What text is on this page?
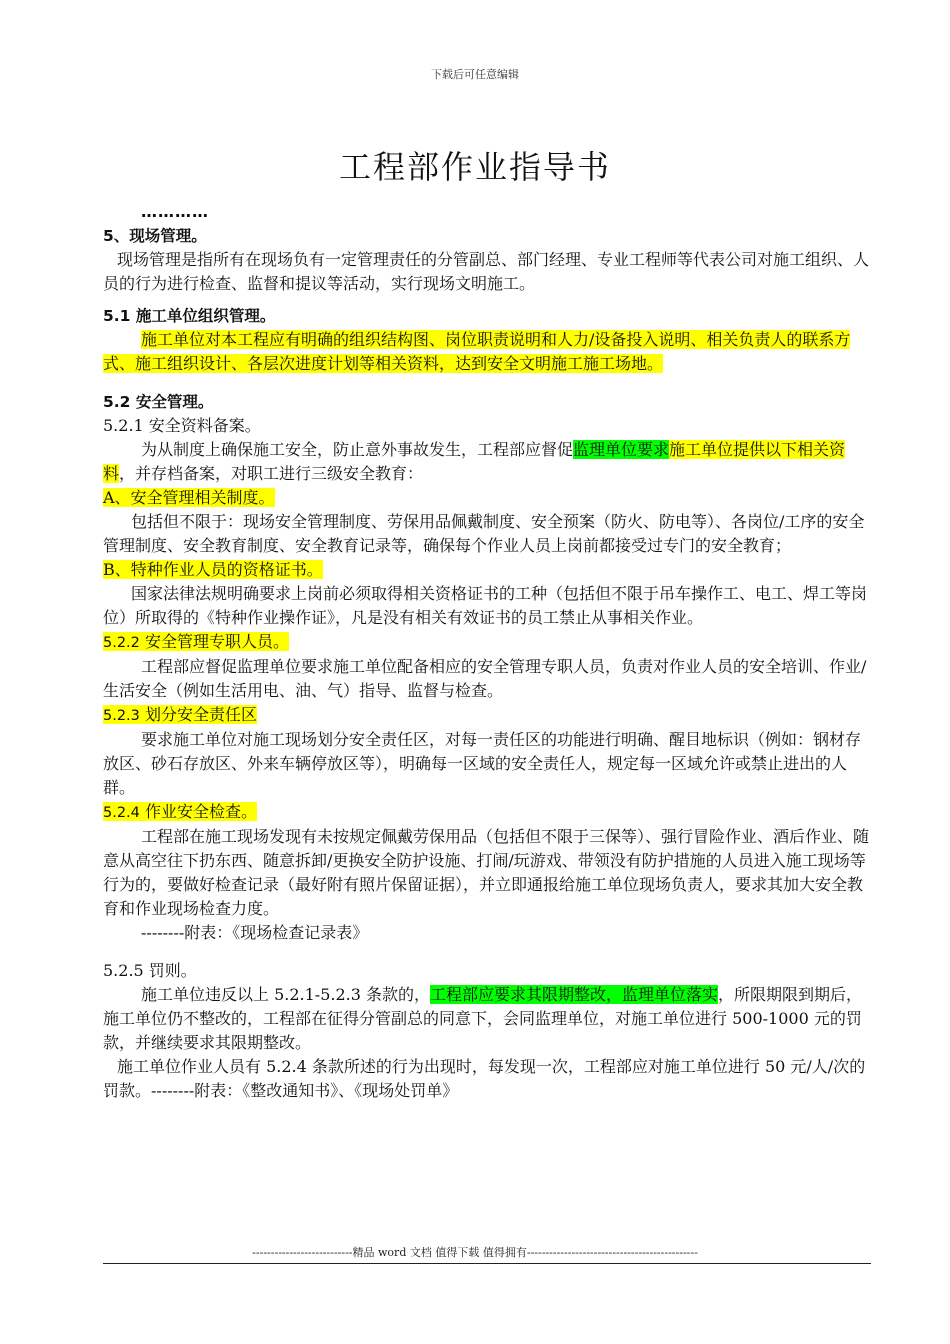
下载后可任意编辑
工程部作业指导书
…………
5、现场管理。

现场管理是指所有在现场负有一定管理责任的分管副总、部门经理、专业工程师等代表公司对施工组织、人员的行为进行检查、监督和提议等活动，实行现场文明施工。

5.1 施工单位组织管理。

施工单位对本工程应有明确的组织结构图、岗位职责说明和人力/设备投入说明、相关负责人的联系方式、施工组织设计、各层次进度计划等相关资料，达到安全文明施工施工场地。

5.2 安全管理。

5.2.1 安全资料备案。

为从制度上确保施工安全，防止意外事故发生，工程部应督促监理单位要求施工单位提供以下相关资料，并存档备案，对职工进行三级安全教育：

A、安全管理相关制度。

包括但不限于：现场安全管理制度、劳保用品佩戴制度、安全预案（防火、防电等）、各岗位/工序的安全管理制度、安全教育制度、安全教育记录等，确保每个作业人员上岗前都接受过专门的安全教育；

B、特种作业人员的资格证书。

国家法律法规明确要求上岗前必须取得相关资格证书的工种（包括但不限于吊车操作工、电工、焊工等岗位）所取得的《特种作业操作证》，凡是没有相关有效证书的员工禁止从事相关作业。

5.2.2 安全管理专职人员。

工程部应督促监理单位要求施工单位配备相应的安全管理专职人员，负责对作业人员的安全培训、作业/生活安全（例如生活用电、油、气）指导、监督与检查。

5.2.3 划分安全责任区

要求施工单位对施工现场划分安全责任区，对每一责任区的功能进行明确、醒目地标识（例如：钢材存放区、砂石存放区、外来车辆停放区等），明确每一区域的安全责任人，规定每一区域允许或禁止进出的人群。

5.2.4 作业安全检查。

工程部在施工现场发现有未按规定佩戴劳保用品（包括但不限于三保等）、强行冒险作业、酒后作业、随意从高空往下扔东西、随意拆卸/更换安全防护设施、打闹/玩游戏、带领没有防护措施的人员进入施工现场等行为的，要做好检查记录（最好附有照片保留证据），并立即通报给施工单位现场负责人，要求其加大安全教育和作业现场检查力度。

--------附表：《现场检查记录表》

5.2.5 罚则。

施工单位违反以上 5.2.1-5.2.3 条款的，工程部应要求其限期整改，监理单位落实，所限期限到期后，施工单位仍不整改的，工程部在征得分管副总的同意下，会同监理单位，对施工单位进行 500-1000 元的罚款，并继续要求其限期整改。

施工单位作业人员有 5.2.4 条款所述的行为出现时，每发现一次，工程部应对施工单位进行 50 元/人/次的罚款。--------附表：《整改通知书》、《现场处罚单》

---------------------------精品 word 文档 值得下载 值得拥有----------------------------------------------
